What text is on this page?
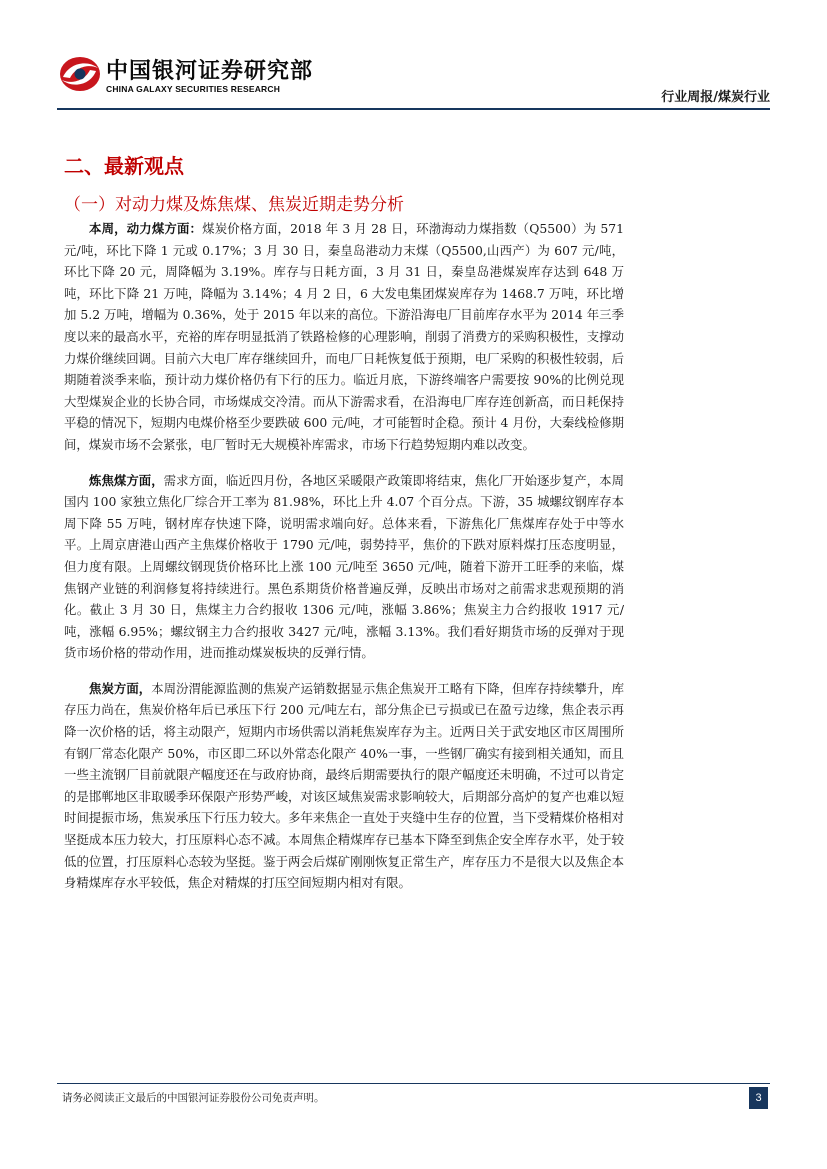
中国银河证券研究部
CHINA GALAXY SECURITIES RESEARCH
行业周报/煤炭行业
二、最新观点
（一）对动力煤及炼焦煤、焦炭近期走势分析

本周，动力煤方面：煤炭价格方面，2018 年 3 月 28 日，环渤海动力煤指数（Q5500）为 571 元/吨，环比下降 1 元或 0.17%；3 月 30 日，秦皇岛港动力末煤（Q5500,山西产）为 607 元/吨，环比下降 20 元，周降幅为 3.19%。库存与日耗方面，3 月 31 日，秦皇岛港煤炭库存达到 648 万吨，环比下降 21 万吨，降幅为 3.14%；4 月 2 日，6 大发电集团煤炭库存为 1468.7 万吨，环比增加 5.2 万吨，增幅为 0.36%，处于 2015 年以来的高位。下游沿海电厂目前库存水平为 2014 年三季度以来的最高水平，充裕的库存明显抵消了铁路检修的心理影响，削弱了消费方的采购积极性，支撑动力煤价继续回调。目前六大电厂库存继续回升，而电厂日耗恢复低于预期，电厂采购的积极性较弱，后期随着淡季来临，预计动力煤价格仍有下行的压力。临近月底，下游终端客户需要按 90%的比例兑现大型煤炭企业的长协合同，市场煤成交冷清。而从下游需求看，在沿海电厂库存连创新高，而日耗保持平稳的情况下，短期内电煤价格至少要跌破 600 元/吨，才可能暂时企稳。预计 4 月份，大秦线检修期间，煤炭市场不会紧张，电厂暂时无大规模补库需求，市场下行趋势短期内难以改变。

炼焦煤方面，需求方面，临近四月份，各地区采暖限产政策即将结束，焦化厂开始逐步复产，本周国内 100 家独立焦化厂综合开工率为 81.98%，环比上升 4.07 个百分点。下游，35 城螺纹钢库存本周下降 55 万吨，钢材库存快速下降，说明需求端向好。总体来看，下游焦化厂焦煤库存处于中等水平。上周京唐港山西产主焦煤价格收于 1790 元/吨，弱势持平，焦价的下跌对原料煤打压态度明显，但力度有限。上周螺纹钢现货价格环比上涨 100 元/吨至 3650 元/吨，随着下游开工旺季的来临，煤焦钢产业链的利润修复将持续进行。黑色系期货价格普遍反弹，反映出市场对之前需求悲观预期的消化。截止 3 月 30 日，焦煤主力合约报收 1306 元/吨，涨幅 3.86%；焦炭主力合约报收 1917 元/吨，涨幅 6.95%；螺纹钢主力合约报收 3427 元/吨，涨幅 3.13%。我们看好期货市场的反弹对于现货市场价格的带动作用，进而推动煤炭板块的反弹行情。

焦炭方面，本周汾渭能源监测的焦炭产运销数据显示焦企焦炭开工略有下降，但库存持续攀升，库存压力尚在，焦炭价格年后已承压下行 200 元/吨左右，部分焦企已亏损或已在盈亏边缘，焦企表示再降一次价格的话，将主动限产，短期内市场供需以消耗焦炭库存为主。近两日关于武安地区市区周围所有钢厂常态化限产 50%，市区即二环以外常态化限产 40%一事，一些钢厂确实有接到相关通知，而且一些主流钢厂目前就限产幅度还在与政府协商，最终后期需要执行的限产幅度还未明确，不过可以肯定的是邯郸地区非取暖季环保限产形势严峻，对该区域焦炭需求影响较大，后期部分高炉的复产也难以短时间提振市场，焦炭承压下行压力较大。多年来焦企一直处于夹缝中生存的位置，当下受精煤价格相对坚挺成本压力较大，打压原料心态不减。本周焦企精煤库存已基本下降至到焦企安全库存水平，处于较低的位置，打压原料心态较为坚挺。鉴于两会后煤矿刚刚恢复正常生产，库存压力不是很大以及焦企本身精煤库存水平较低，焦企对精煤的打压空间短期内相对有限。

请务必阅读正文最后的中国银河证券股份公司免责声明。	3
